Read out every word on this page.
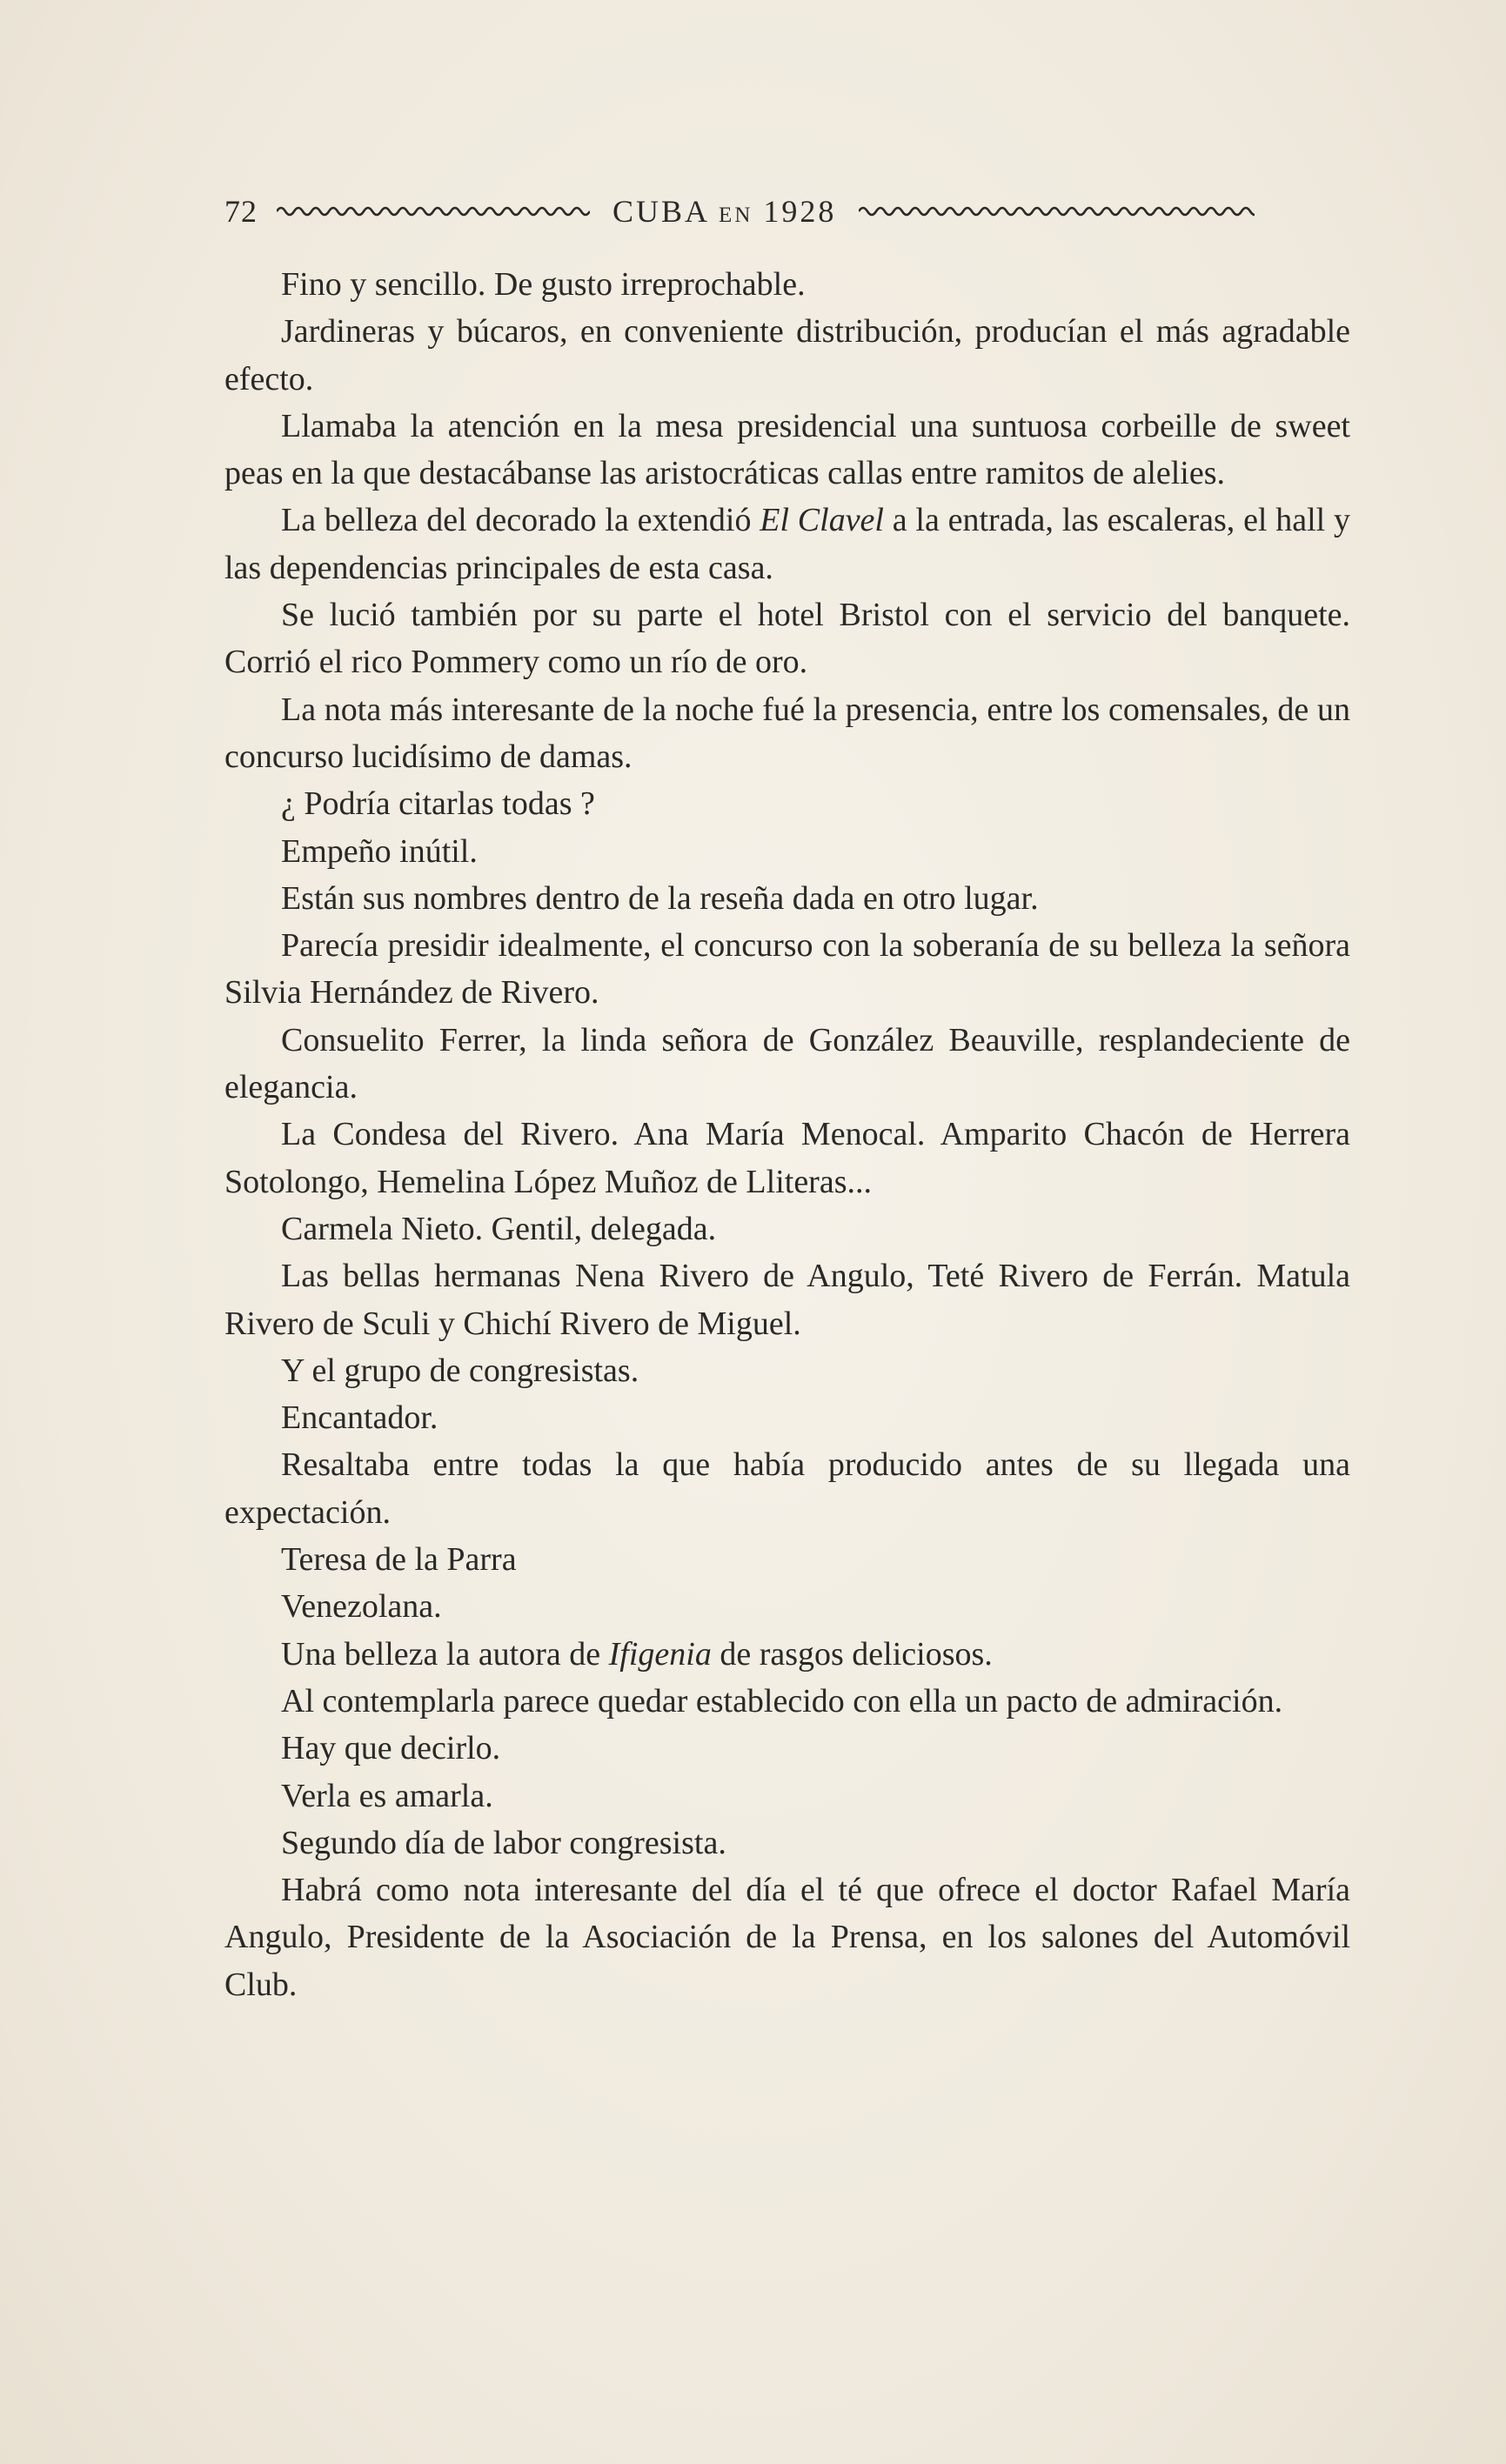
72	CUBA EN 1928

Fino y sencillo. De gusto irreprochable.

Jardineras y búcaros, en conveniente distribución, producían el más agradable efecto.

Llamaba la atención en la mesa presidencial una suntuosa corbeille de sweet peas en la que destacábanse las aristocráticas callas entre ramitos de alelies.

La belleza del decorado la extendió El Clavel a la entrada, las escaleras, el hall y las dependencias principales de esta casa.

Se lució también por su parte el hotel Bristol con el servicio del banquete. Corrió el rico Pommery como un río de oro.

La nota más interesante de la noche fué la presencia, entre los comensales, de un concurso lucidísimo de damas.

¿ Podría citarlas todas ?

Empeño inútil.

Están sus nombres dentro de la reseña dada en otro lugar.

Parecía presidir idealmente, el concurso con la soberanía de su belleza la señora Silvia Hernández de Rivero.

Consuelito Ferrer, la linda señora de González Beauville, resplandeciente de elegancia.

La Condesa del Rivero. Ana María Menocal. Amparito Chacón de Herrera Sotolongo, Hemelina López Muñoz de Lliteras...

Carmela Nieto. Gentil, delegada.

Las bellas hermanas Nena Rivero de Angulo, Teté Rivero de Ferrán. Matula Rivero de Sculi y Chichí Rivero de Miguel.

Y el grupo de congresistas.

Encantador.

Resaltaba entre todas la que había producido antes de su llegada una expectación.

Teresa de la Parra

Venezolana.

Una belleza la autora de Ifigenia de rasgos deliciosos.

Al contemplarla parece quedar establecido con ella un pacto de admiración.

Hay que decirlo.

Verla es amarla.

Segundo día de labor congresista.

Habrá como nota interesante del día el té que ofrece el doctor Rafael María Angulo, Presidente de la Asociación de la Prensa, en los salones del Automóvil Club.
